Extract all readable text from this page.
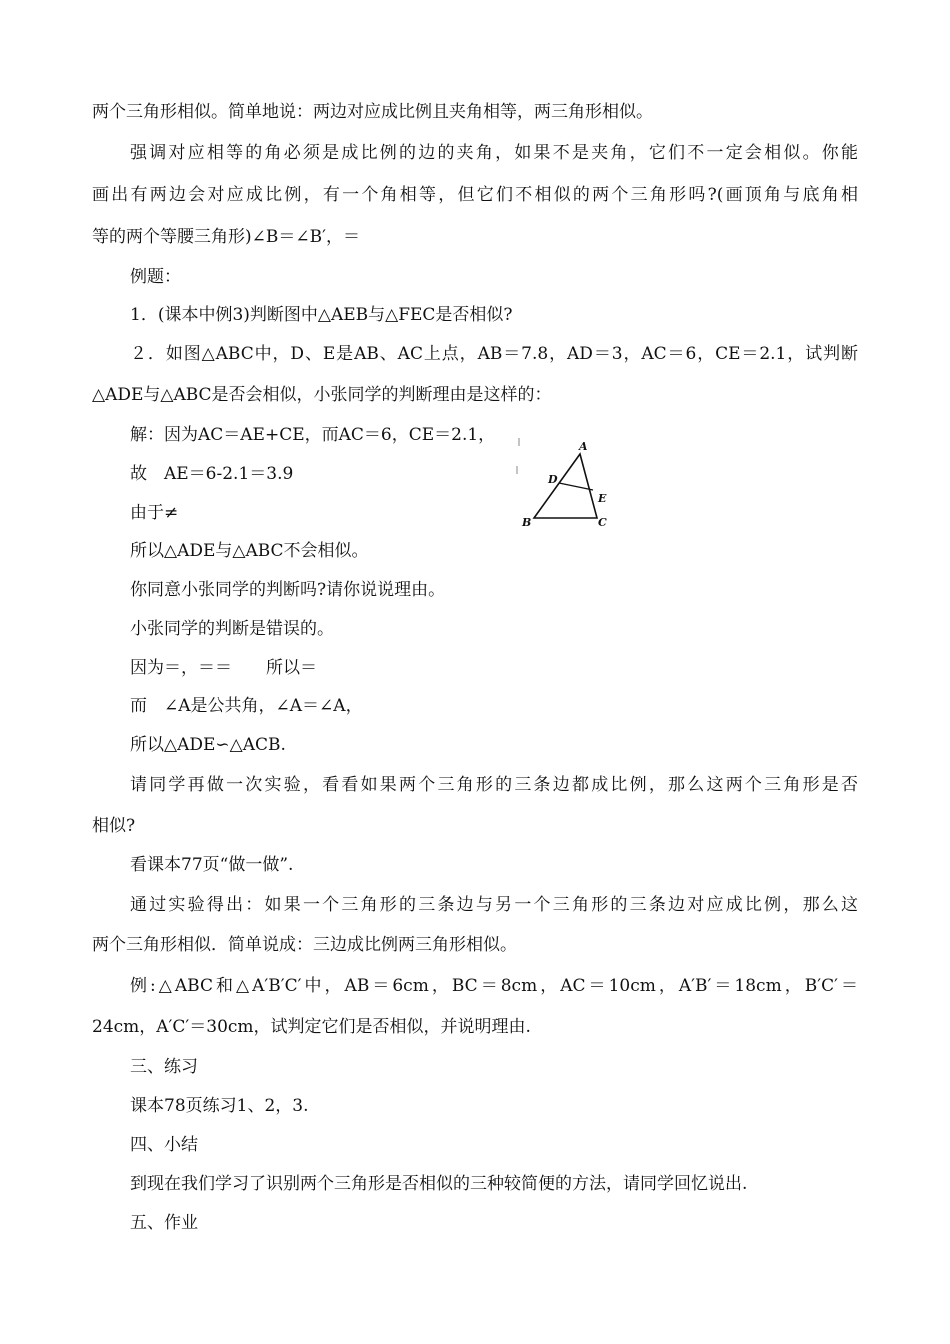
两个三角形相似。简单地说：两边对应成比例且夹角相等，两三角形相似。
强调对应相等的角必须是成比例的边的夹角，如果不是夹角，它们不一定会相似。你能
画出有两边会对应成比例，有一个角相等，但它们不相似的两个三角形吗?(画顶角与底角相
等的两个等腰三角形)∠B＝∠B′，＝
例题：
1．(课本中例3)判断图中△AEB与△FEC是否相似?
２．如图△ABC中，D、E是AB、AC上点，AB＝7.8，AD＝3，AC＝6，CE＝2.1，试判断
△ADE与△ABC是否会相似，小张同学的判断理由是这样的：
解：因为AC＝AE+CE，而AC＝6，CE＝2.1，
故　AE＝6-2.1＝3.9
由于≠
所以△ADE与△ABC不会相似。
你同意小张同学的判断吗?请你说说理由。
小张同学的判断是错误的。
因为＝，＝＝　　所以＝
而　∠A是公共角，∠A＝∠A，
所以△ADE∽△ACB.
请同学再做一次实验，看看如果两个三角形的三条边都成比例，那么这两个三角形是否
相似?
看课本77页“做一做”.
通过实验得出：如果一个三角形的三条边与另一个三角形的三条边对应成比例，那么这
两个三角形相似．简单说成：三边成比例两三角形相似。
例:△ABC和△A′B′C′中，AB＝6cm，BC＝8cm，AC＝10cm，A′B′＝18cm，B′C′＝
24cm，A′C′＝30cm，试判定它们是否相似，并说明理由.
三、练习
课本78页练习1、2，3.
四、小结
到现在我们学习了识别两个三角形是否相似的三种较简便的方法，请同学回忆说出.
五、作业
A
D
E
B	C
